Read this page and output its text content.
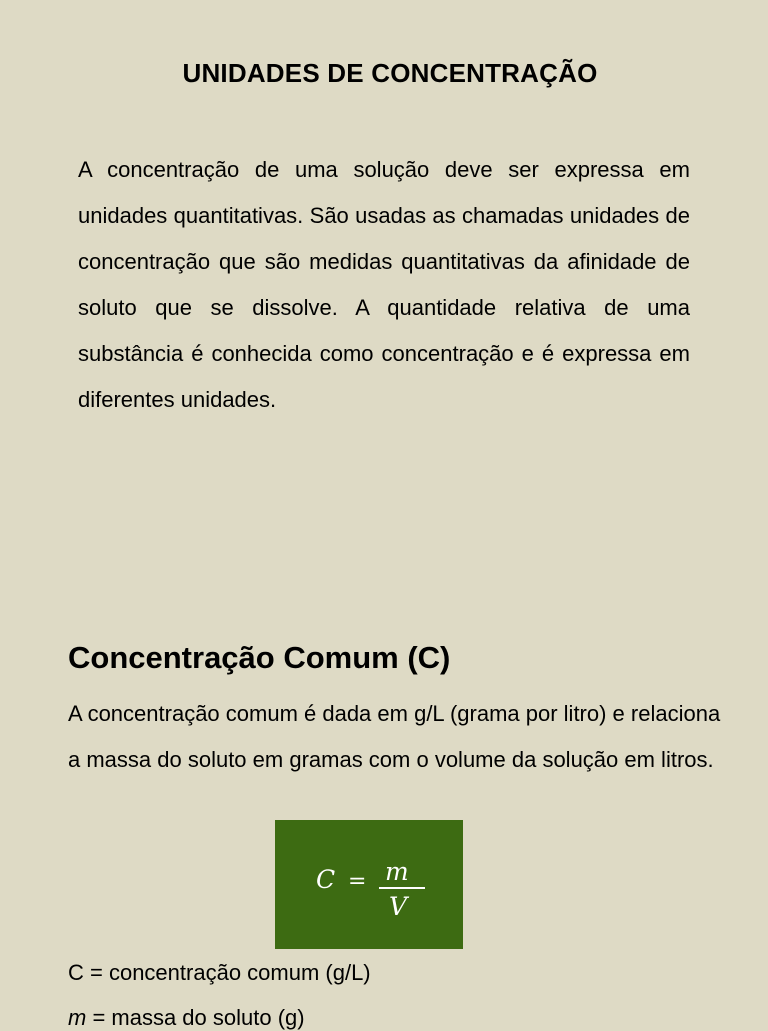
UNIDADES DE CONCENTRAÇÃO

A concentração de uma solução deve ser expressa em unidades quantitativas. São usadas as chamadas unidades de concentração que são medidas quantitativas da afinidade de soluto que se dissolve. A quantidade relativa de uma substância é conhecida como concentração e é expressa em diferentes unidades.

Concentração Comum (C)

A concentração comum é dada em g/L (grama por litro) e relaciona a massa do soluto em gramas com o volume da solução em litros.

C = m
V

C = concentração comum (g/L)

m = massa do soluto (g)
